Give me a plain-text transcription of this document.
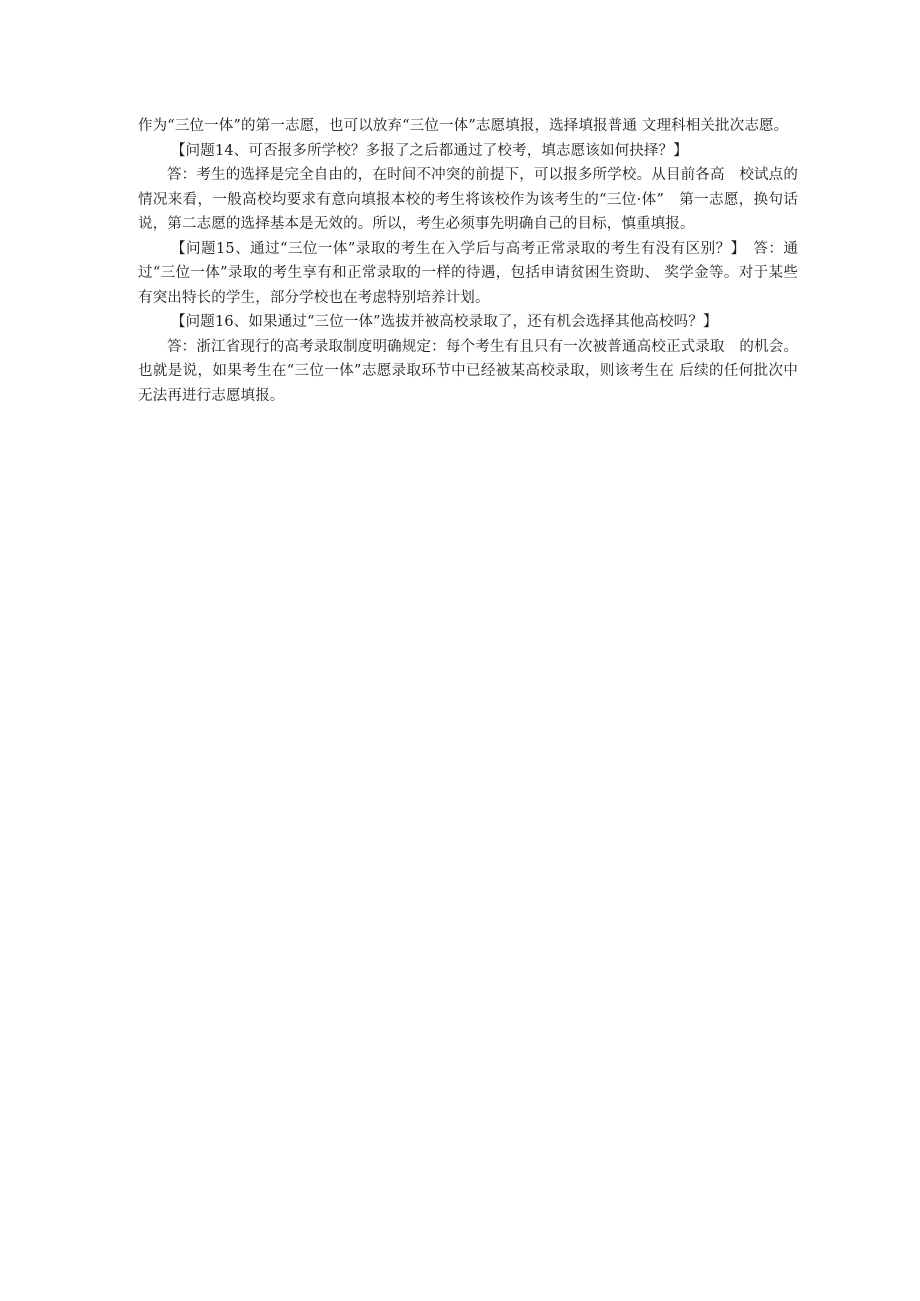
作为“三位一体”的第一志愿，也可以放弃“三位一体”志愿填报，选择填报普通 文理科相关批次志愿。

【问题14、可否报多所学校？多报了之后都通过了校考，填志愿该如何抉择？】

答：考生的选择是完全自由的，在时间不冲突的前提下，可以报多所学校。从目前各高　校试点的情况来看，一般高校均要求有意向填报本校的考生将该校作为该考生的“三位·体”　第一志愿，换句话说，第二志愿的选择基本是无效的。所以，考生必须事先明确自己的目标，慎重填报。

【问题15、通过“三位一体”录取的考生在入学后与高考正常录取的考生有没有区别？】　答：通过“三位一体”录取的考生享有和正常录取的一样的待遇，包括申请贫困生资助、 奖学金等。对于某些有突出特长的学生，部分学校也在考虑特别培养计划。

【问题16、如果通过“三位一体”选拔并被高校录取了，还有机会选择其他高校吗？】

答：浙江省现行的高考录取制度明确规定：每个考生有且只有一次被普通高校正式录取　的机会。也就是说，如果考生在“三位一体”志愿录取环节中已经被某高校录取，则该考生在 后续的任何批次中无法再进行志愿填报。
